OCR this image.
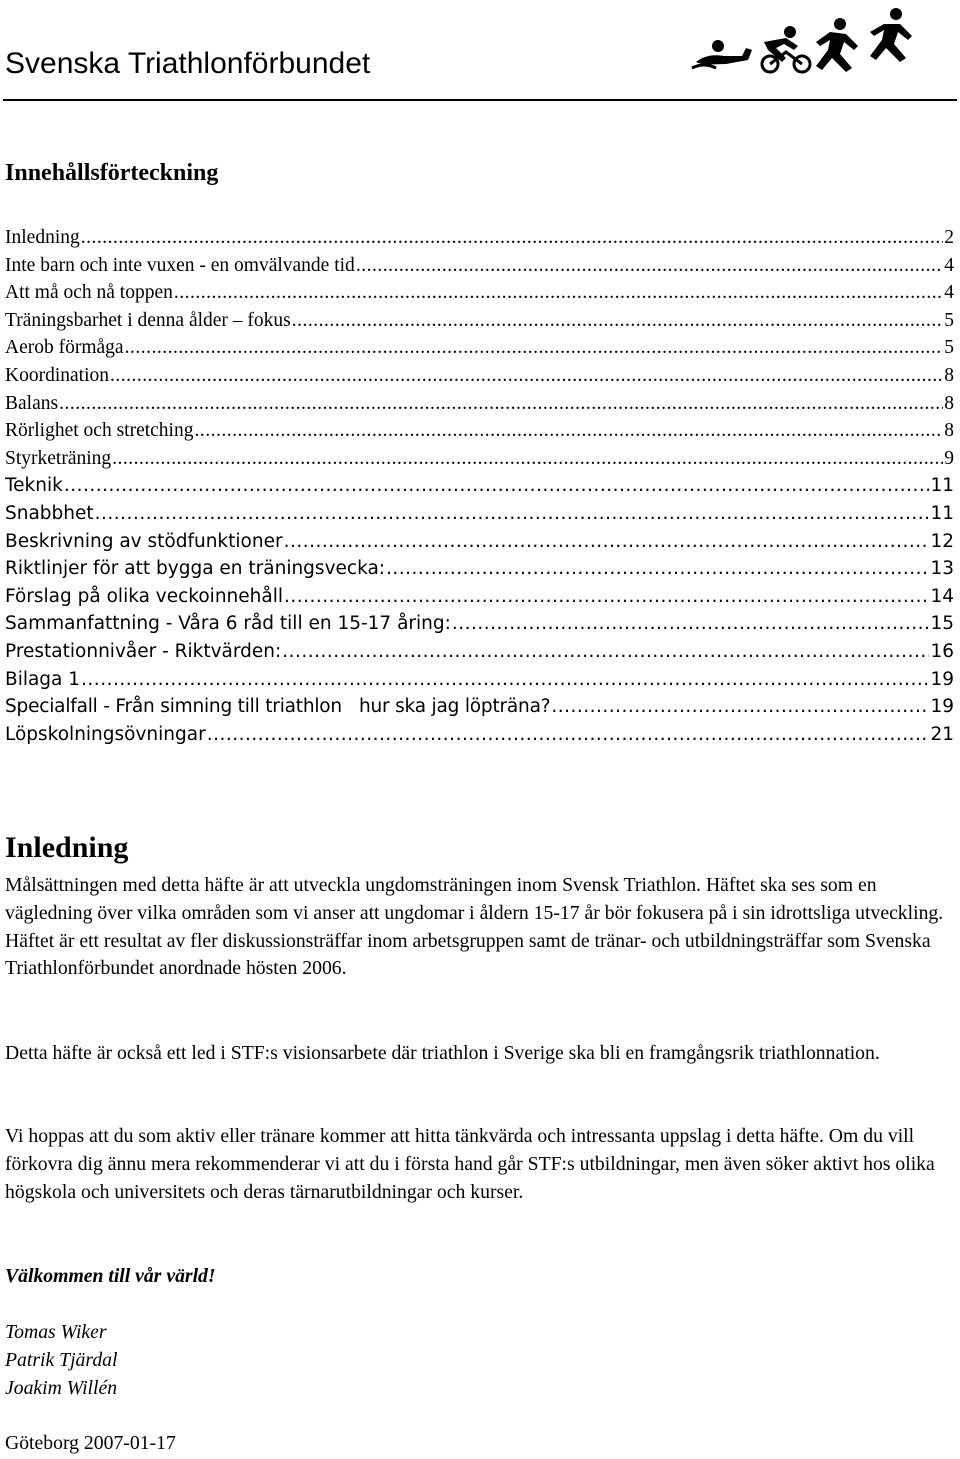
Svenska Triathlonförbundet
Innehållsförteckning
Inledning .....	2
Inte barn och inte vuxen - en omvälvande tid .....	4
Att må och nå toppen .....	4
Träningsbarhet i denna ålder – fokus .....	5
Aerob förmåga .....	5
Koordination .....	8
Balans .....	8
Rörlighet och stretching .....	8
Styrketräning .....	9
Teknik .....	11
Snabbhet .....	11
Beskrivning av stödfunktioner .....	12
Riktlinjer för att bygga en träningsvecka: .....	13
Förslag på olika veckoinnehåll .....	14
Sammanfattning - Våra 6 råd till en 15-17 åring: .....	15
Prestationnivåer - Riktvärden: .....	16
Bilaga 1 .....	19
Specialfall - Från simning till triathlon   hur ska jag löpträna? .....	19
Löpskolningsövningar .....	21
Inledning

Målsättningen med detta häfte är att utveckla ungdomsträningen inom Svensk Triathlon. Häftet ska ses som en vägledning över vilka områden som vi anser att ungdomar i åldern 15-17 år bör fokusera på i sin idrottsliga utveckling. Häftet är ett resultat av fler diskussionsträffar inom arbetsgruppen samt de tränar- och utbildningsträffar som Svenska Triathlonförbundet anordnade hösten 2006.

Detta häfte är också ett led i STF:s visionsarbete där triathlon i Sverige ska bli en framgångsrik triathlonnation.

Vi hoppas att du som aktiv eller tränare kommer att hitta tänkvärda och intressanta uppslag i detta häfte. Om du vill förkovra dig ännu mera rekommenderar vi att du i första hand går STF:s utbildningar, men även söker aktivt hos olika högskola och universitets och deras tärnarutbildningar och kurser.

Välkommen till vår värld!

Tomas Wiker
Patrik Tjärdal
Joakim Willén

Göteborg 2007-01-17
